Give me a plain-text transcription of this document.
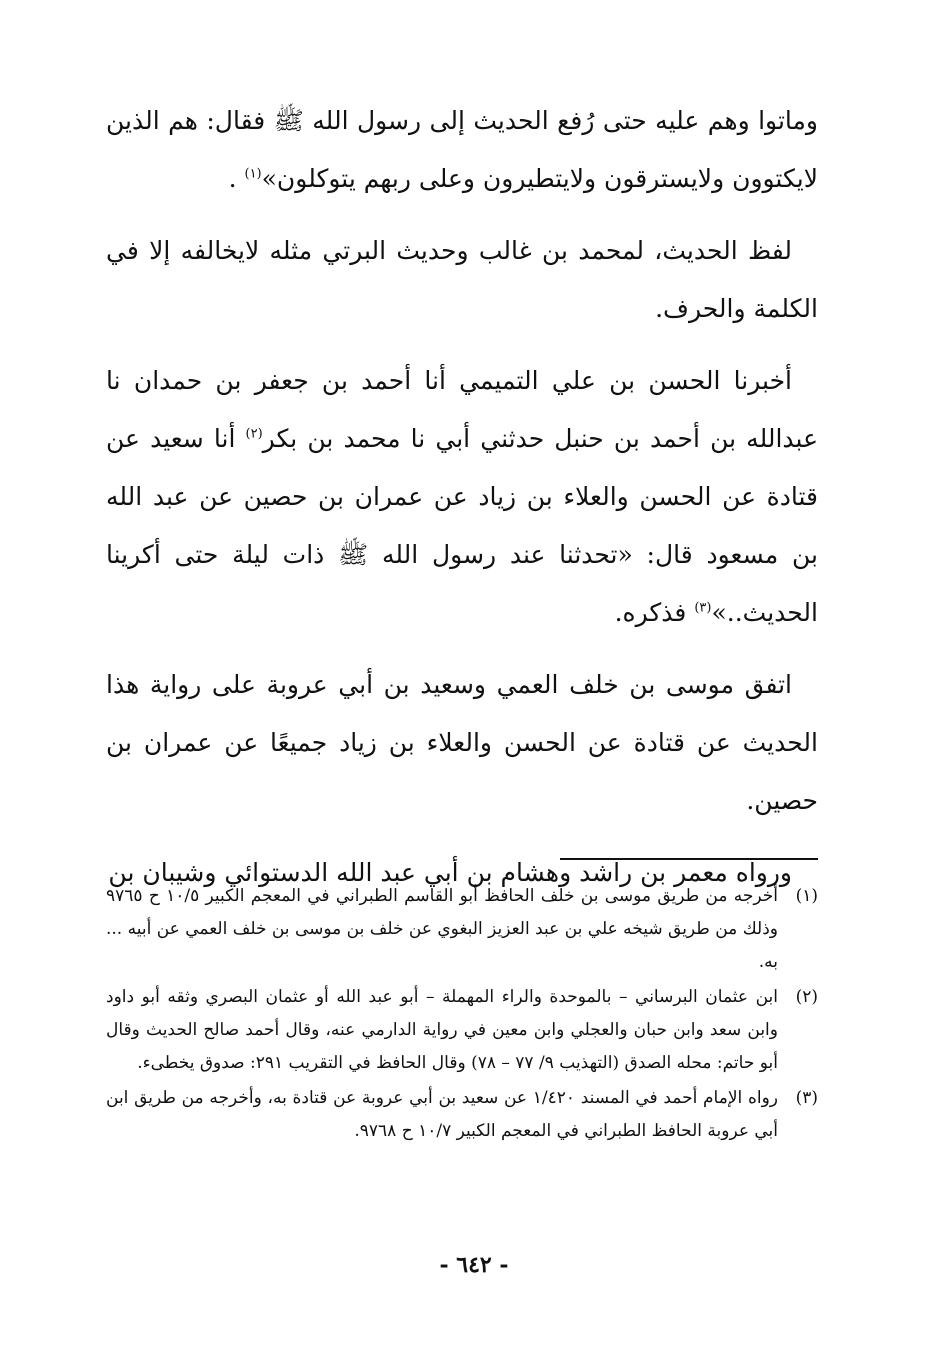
وماتوا وهم عليه حتى رُفع الحديث إلى رسول الله ﷺ فقال: هم الذين لايكتوون ولايسترقون ولايتطيرون وعلى ربهم يتوكلون»$^{(١)}$ .

لفظ الحديث، لمحمد بن غالب وحديث البرتي مثله لايخالفه إلا في الكلمة والحرف.

أخبرنا الحسن بن علي التميمي أنا أحمد بن جعفر بن حمدان نا عبدالله بن أحمد بن حنبل حدثني أبي نا محمد بن بكر$^{(٢)}$ أنا سعيد عن قتادة عن الحسن والعلاء بن زياد عن عمران بن حصين عن عبد الله بن مسعود قال: «تحدثنا عند رسول الله ﷺ ذات ليلة حتى أكرينا الحديث..»$^{(٣)}$ فذكره.

اتفق موسى بن خلف العمي وسعيد بن أبي عروبة على رواية هذا الحديث عن قتادة عن الحسن والعلاء بن زياد جميعًا عن عمران بن حصين.

ورواه معمر بن راشد وهشام بن أبي عبد الله الدستوائي وشيبان بن

(١)
أخرجه من طريق موسى بن خلف الحافظ أبو القاسم الطبراني في المعجم الكبير ١٠/٥ ح ٩٧٦٥ وذلك من طريق شيخه علي بن عبد العزيز البغوي عن خلف بن موسى بن خلف العمي عن أبيه ... به.
(٢)
ابن عثمان البرساني – بالموحدة والراء المهملة – أبو عبد الله أو عثمان البصري وثقه أبو داود وابن سعد وابن حبان والعجلي وابن معين في رواية الدارمي عنه، وقال أحمد صالح الحديث وقال أبو حاتم: محله الصدق (التهذيب ٩/ ٧٧ – ٧٨) وقال الحافظ في التقريب ٢٩١: صدوق يخطىء.
(٣)
رواه الإمام أحمد في المسند ١/٤٢٠ عن سعيد بن أبي عروبة عن قتادة به، وأخرجه من طريق ابن أبي عروبة الحافظ الطبراني في المعجم الكبير ١٠/٧ ح ٩٧٦٨.
- ٦٤٢ -
